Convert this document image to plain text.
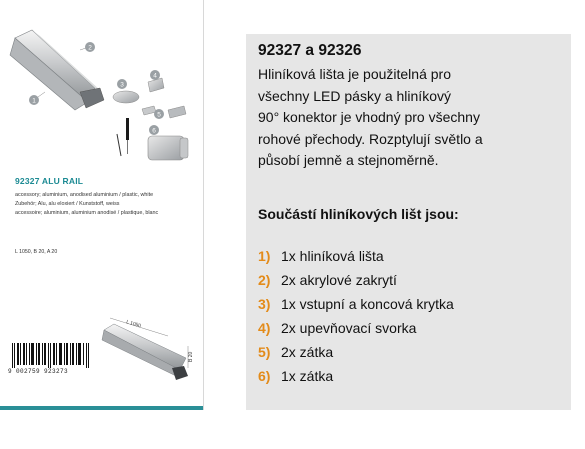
1
2
3
4
5
6
92327 ALU RAIL
accessory; aluminium, anodised aluminium / plastic, white
Zubehör; Alu, alu eloxiert / Kunststoff, weiss
accessoire; aluminium, aluminium anodisé / plastique, blanc
L 1050, B 20, A 20
9 002759 923273
L 1050
B 20
92327 a 92326
Hliníková lišta je použitelná pro
všechny LED pásky a hliníkový
90° konektor je vhodný pro všechny
rohové přechody. Rozptylují světlo a
působí jemně a stejnoměrně.
Součástí hliníkových lišt jsou:
1) 1x hliníková lišta
2) 2x akrylové zakrytí
3) 1x vstupní a koncová krytka
4) 2x upevňovací svorka
5) 2x zátka
6) 1x zátka
